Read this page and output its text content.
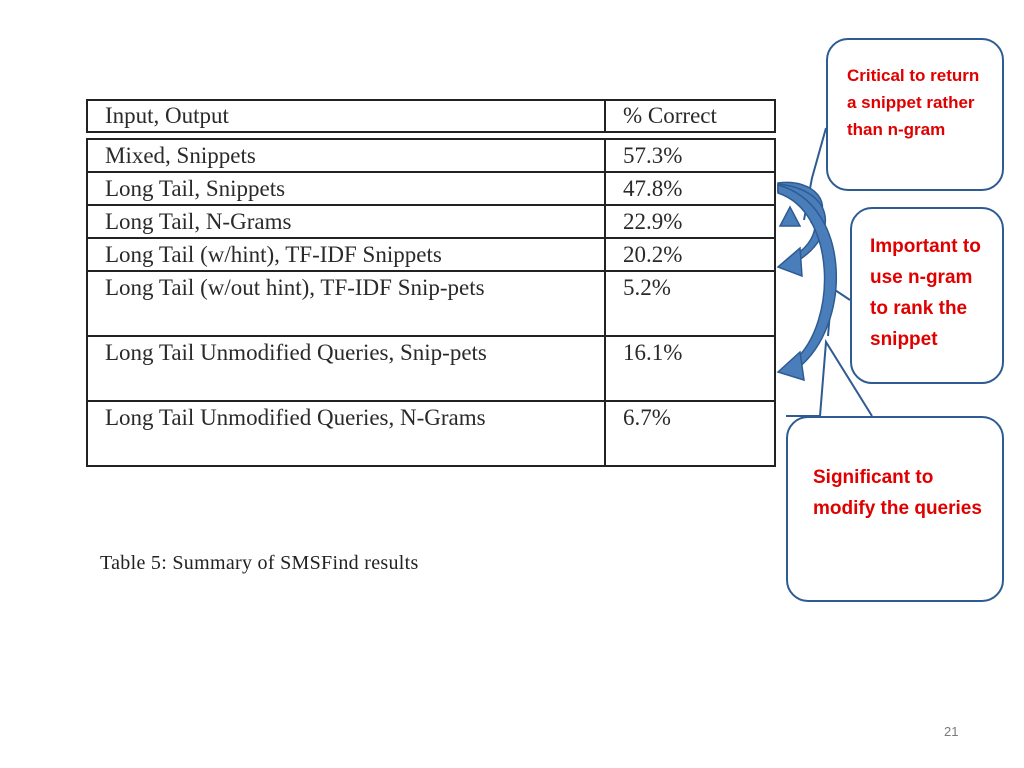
Input, Output	% Correct
Mixed, Snippets	57.3%
Long Tail, Snippets	47.8%
Long Tail, N-Grams	22.9%
Long Tail (w/hint), TF-IDF Snippets	20.2%
Long Tail (w/out hint), TF-IDF Snip-pets	5.2%
Long Tail Unmodified Queries, Snip-pets	16.1%
Long Tail Unmodified Queries, N-Grams	6.7%
Table 5: Summary of SMSFind results
Critical to return a snippet rather than n-gram
Important to use n-gram to rank the snippet
Significant to modify the queries
21
